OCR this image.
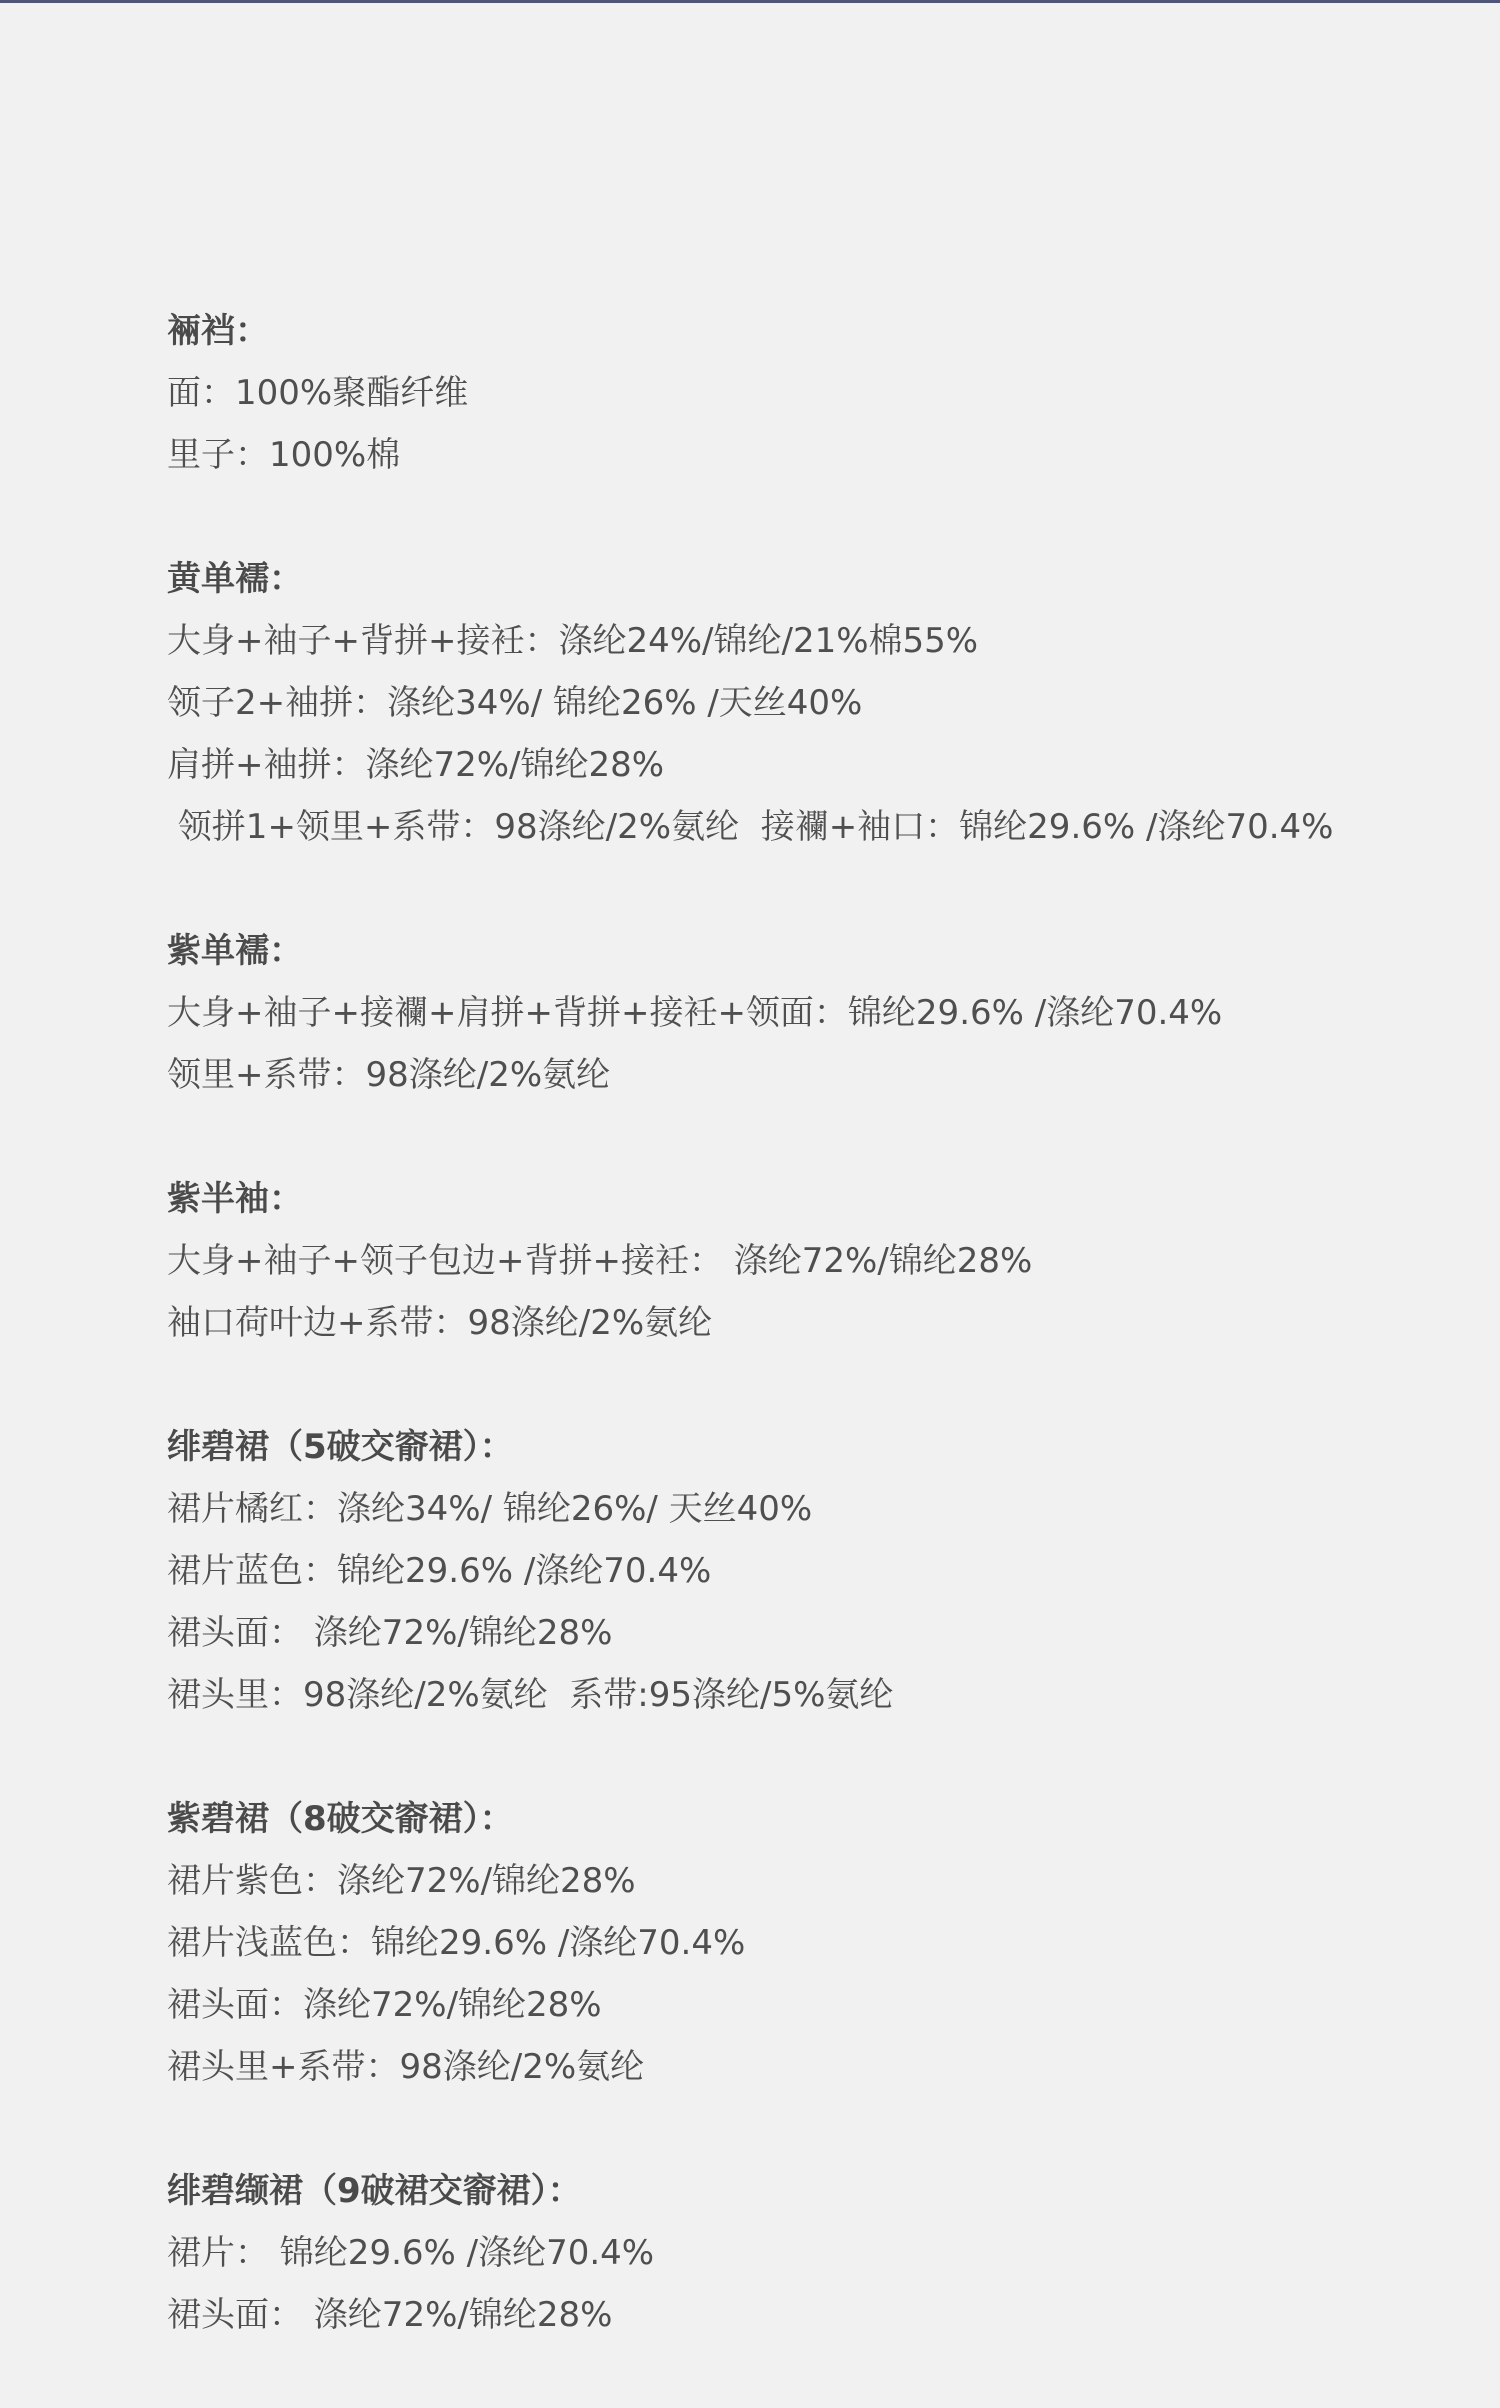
裲裆：
面：100%聚酯纤维
里子：100%棉
黄单襦：
大身+袖子+背拼+接衽：涤纶24%/锦纶/21%棉55%
领子2+袖拼：涤纶34%/ 锦纶26% /天丝40%
肩拼+袖拼：涤纶72%/锦纶28%
领拼1+领里+系带：98涤纶/2%氨纶  接襴+袖口：锦纶29.6% /涤纶70.4%
紫单襦：
大身+袖子+接襴+肩拼+背拼+接衽+领面：锦纶29.6% /涤纶70.4%
领里+系带：98涤纶/2%氨纶
紫半袖：
大身+袖子+领子包边+背拼+接衽： 涤纶72%/锦纶28%
袖口荷叶边+系带：98涤纶/2%氨纶
绯碧裙（5破交窬裙）：
裙片橘红：涤纶34%/ 锦纶26%/ 天丝40%
裙片蓝色：锦纶29.6% /涤纶70.4%
裙头面： 涤纶72%/锦纶28%
裙头里：98涤纶/2%氨纶  系带:95涤纶/5%氨纶
紫碧裙（8破交窬裙）：
裙片紫色：涤纶72%/锦纶28%
裙片浅蓝色：锦纶29.6% /涤纶70.4%
裙头面：涤纶72%/锦纶28%
裙头里+系带：98涤纶/2%氨纶
绯碧缬裙（9破裙交窬裙）：
裙片： 锦纶29.6% /涤纶70.4%
裙头面： 涤纶72%/锦纶28%
